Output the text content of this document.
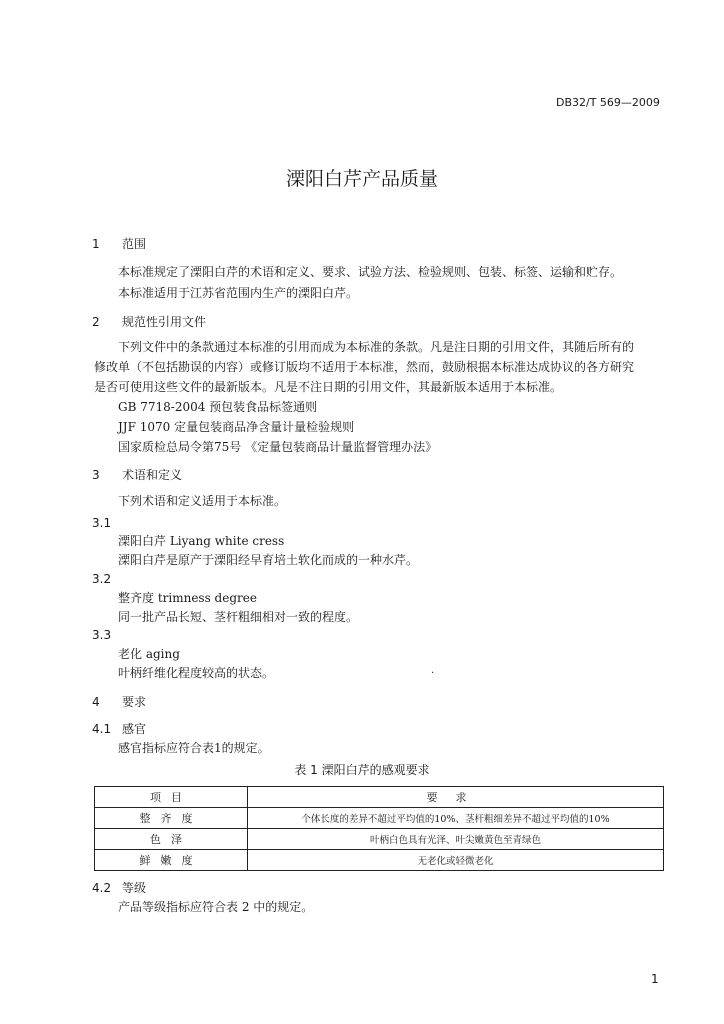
DB32/T 569—2009
溧阳白芹产品质量
1 范围
本标准规定了溧阳白芹的术语和定义、要求、试验方法、检验规则、包装、标签、运输和贮存。
本标准适用于江苏省范围内生产的溧阳白芹。
2 规范性引用文件
下列文件中的条款通过本标准的引用而成为本标准的条款。凡是注日期的引用文件，其随后所有的
修改单（不包括勘误的内容）或修订版均不适用于本标准，然而，鼓励根据本标准达成协议的各方研究
是否可使用这些文件的最新版本。凡是不注日期的引用文件，其最新版本适用于本标准。
GB 7718-2004 预包装食品标签通则
JJF 1070 定量包装商品净含量计量检验规则
国家质检总局令第75号 《定量包装商品计量监督管理办法》
3 术语和定义
下列术语和定义适用于本标准。
3.1
溧阳白芹 Liyang white cress
溧阳白芹是原产于溧阳经早育培土软化而成的一种水芹。
3.2
整齐度 trimness degree
同一批产品长短、茎杆粗细相对一致的程度。
3.3
老化 aging
叶柄纤维化程度较高的状态。	·
4 要求
4.1 感官
感官指标应符合表1的规定。
表 1 溧阳白芹的感观要求
项目	要求
整齐度	个体长度的差异不超过平均值的10%、茎杆粗细差异不超过平均值的10%
色泽	叶柄白色具有光泽、叶尖嫩黄色至青绿色
鲜嫩度	无老化或轻微老化
4.2 等级
产品等级指标应符合表 2 中的规定。
1
